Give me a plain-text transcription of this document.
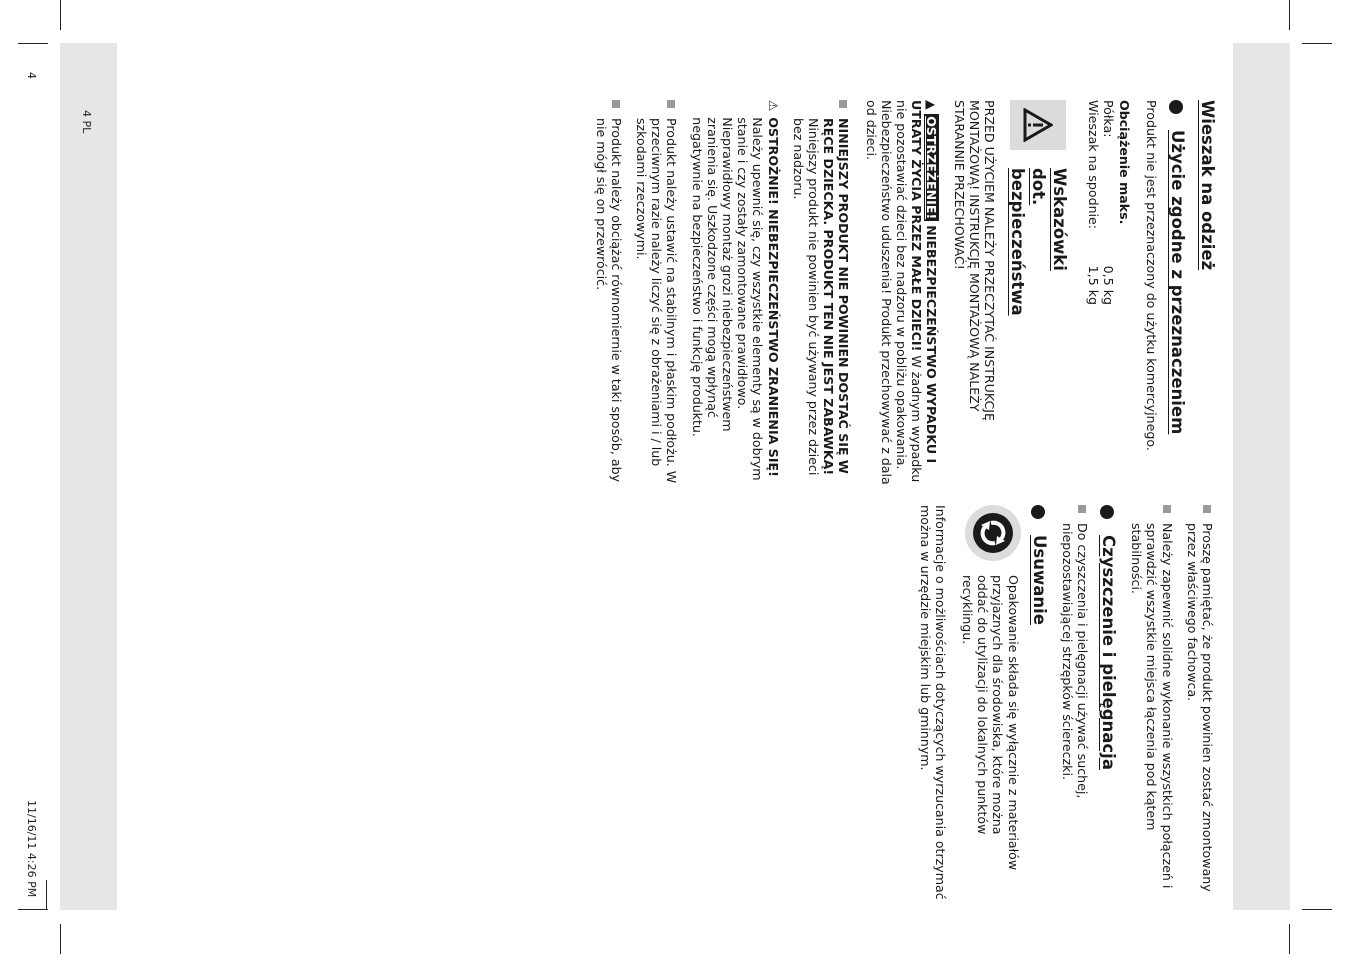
4
4 PL
11/16/11 4:26 PM
Wieszak na odzież
Użycie zgodne z przeznaczeniem

Produkt nie jest przeznaczony do użytku komercyjnego.

Obciążenie maks.

Półka:
0,5 kg
Wieszak na spodnie:
1,5 kg
Wskazówki dot. bezpieczeństwa

PRZED UŻYCIEM NALEŻY PRZECZYTAĆ INSTRUKCJĘ MONTAŻOWĄ! INSTRUKCJĘ MONTAŻOWĄ NALEŻY STARANNIE PRZECHOWAĆ!

▲ OSTRZEŻENIE! NIEBEZPIECZEŃSTWO WYPADKU I UTRATY ŻYCIA PRZEZ MAŁE DZIECI! W żadnym wypadku nie pozostawiać dzieci bez nadzoru w pobliżu opakowania. Niebezpieczeństwo uduszenia! Produkt przechowywać z dala od dzieci.

NINIEJSZY PRODUKT NIE POWINIEN DOSTAĆ SIĘ W RĘCE DZIECKA. PRODUKT TEN NIE JEST ZABAWKĄ! Niniejszy produkt nie powinien być używany przez dzieci bez nadzoru.
⚠
OSTROŻNIE! NIEBEZPIECZEŃSTWO ZRANIENIA SIĘ! Należy upewnić się, czy wszystkie elementy są w dobrym stanie i czy zostały zamontowane prawidłowo. Nieprawidłowy montaż grozi niebezpieczeństwem zranienia się. Uszkodzone części mogą wpłynąć negatywnie na bezpieczeństwo i funkcję produktu.
Produkt należy ustawić na stabilnym i płaskim podłożu. W przeciwnym razie należy liczyć się z obrażeniami i / lub szkodami rzeczowymi.
Produkt należy obciążać równomiernie w taki sposób, aby nie mógł się on przewrócić.
Proszę pamiętać, że produkt powinien zostać zmontowany przez właściwego fachowca.
Należy zapewnić solidne wykonanie wszystkich połączeń i sprawdzić wszystkie miejsca łączenia pod kątem stabilności.
Czyszczenie i pielęgnacja
Do czyszczenia i pielęgnacji używać suchej, niepozostawiającej strzępków ściereczki.
Usuwanie
Opakowanie składa się wyłącznie z materiałów przyjaznych dla środowiska, które można oddać do utylizacji do lokalnych punktów recyklingu.

Informacje o możliwościach dotyczących wyrzucania otrzymać można w urzędzie miejskim lub gminnym.
